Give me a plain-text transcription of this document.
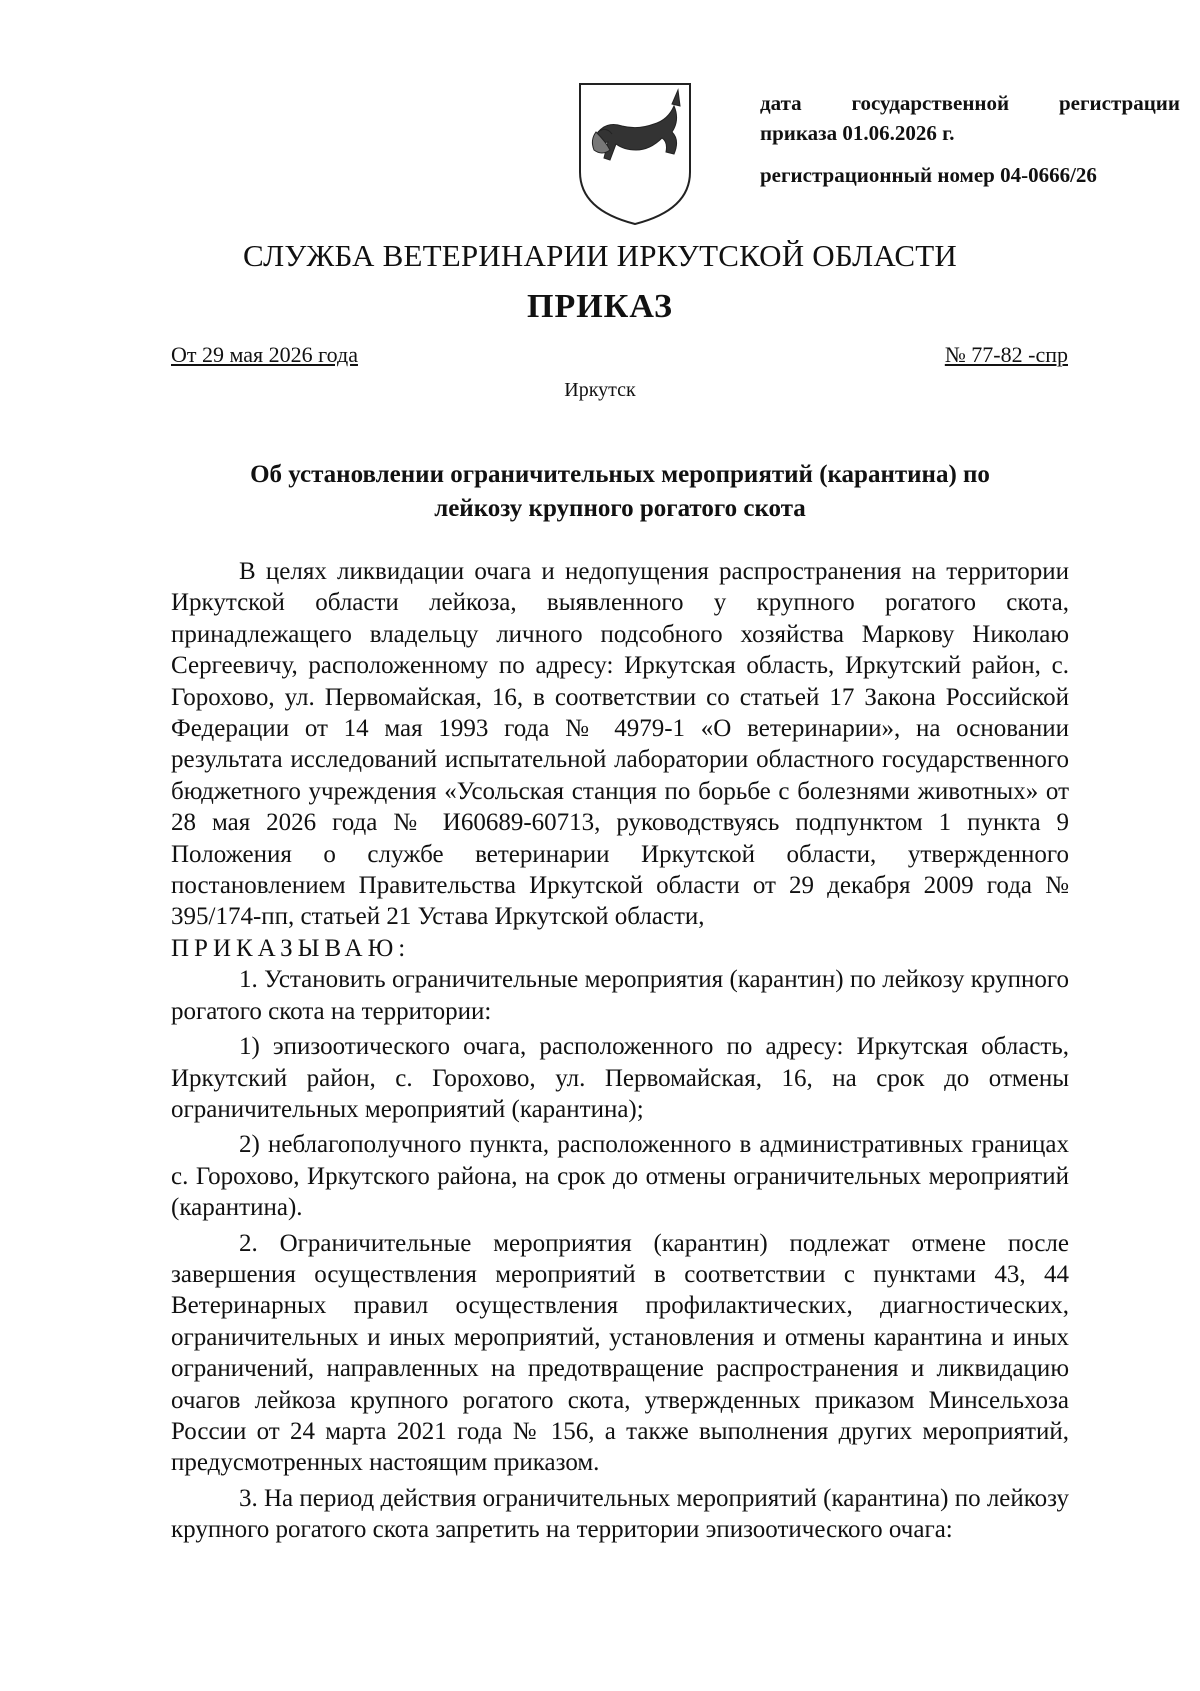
дата государственной регистрации
приказа 01.06.2026 г.
регистрационный номер 04-0666/26
СЛУЖБА ВЕТЕРИНАРИИ ИРКУТСКОЙ ОБЛАСТИ
ПРИКАЗ
От 29 мая 2026 года	№ 77-82 -спр
Иркутск
Об установлении ограничительных мероприятий (карантина) по
лейкозу крупного рогатого скота

В целях ликвидации очага и недопущения распространения на территории Иркутской области лейкоза, выявленного у крупного рогатого скота, принадлежащего владельцу личного подсобного хозяйства Маркову Николаю Сергеевичу, расположенному по адресу: Иркутская область, Иркутский район, с. Горохово, ул. Первомайская, 16, в соответствии со статьей 17 Закона Российской Федерации от 14 мая 1993 года № 4979-1 «О ветеринарии», на основании результата исследований испытательной лаборатории областного государственного бюджетного учреждения «Усольская станция по борьбе с болезнями животных» от 28 мая 2026 года № И60689-60713, руководствуясь подпунктом 1 пункта 9 Положения о службе ветеринарии Иркутской области, утвержденного постановлением Правительства Иркутской области от 29 декабря 2009 года № 395/174-пп, статьей 21 Устава Иркутской области,

ПРИКАЗЫВАЮ:

1. Установить ограничительные мероприятия (карантин) по лейкозу крупного рогатого скота на территории:

1) эпизоотического очага, расположенного по адресу: Иркутская область, Иркутский район, с. Горохово, ул. Первомайская, 16, на срок до отмены ограничительных мероприятий (карантина);

2) неблагополучного пункта, расположенного в административных границах с. Горохово, Иркутского района, на срок до отмены ограничительных мероприятий (карантина).

2. Ограничительные мероприятия (карантин) подлежат отмене после завершения осуществления мероприятий в соответствии с пунктами 43, 44 Ветеринарных правил осуществления профилактических, диагностических, ограничительных и иных мероприятий, установления и отмены карантина и иных ограничений, направленных на предотвращение распространения и ликвидацию очагов лейкоза крупного рогатого скота, утвержденных приказом Минсельхоза России от 24 марта 2021 года № 156, а также выполнения других мероприятий, предусмотренных настоящим приказом.

3. На период действия ограничительных мероприятий (карантина) по лейкозу крупного рогатого скота запретить на территории эпизоотического очага:
